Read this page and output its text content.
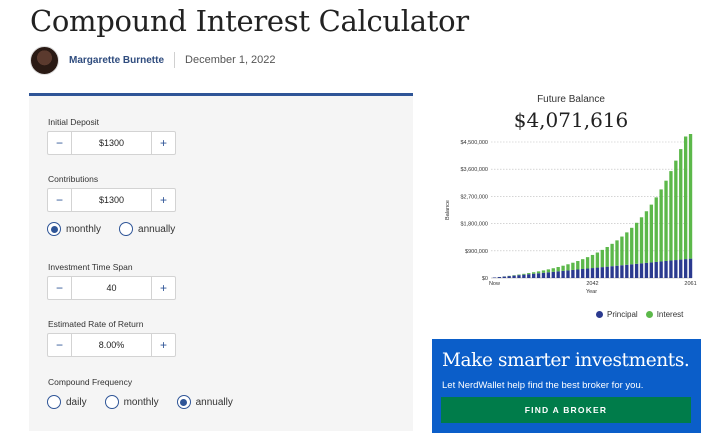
Compound Interest Calculator
Margarette Burnette December 1, 2022
Initial Deposit
−	$1300	+
Contributions
−	$1300	+
monthly	annually
Investment Time Span
−	40	+
Estimated Rate of Return
−	8.00%	+
Compound Frequency
daily	monthly	annually
Future Balance
$4,071,616
$0
$900,000
$1,800,000
$2,700,000
$3,600,000
$4,500,000
Now	2042	2061
Year
Balance
Principal Interest
Make smarter investments.
Let NerdWallet help find the best broker for you.
FIND A BROKER
